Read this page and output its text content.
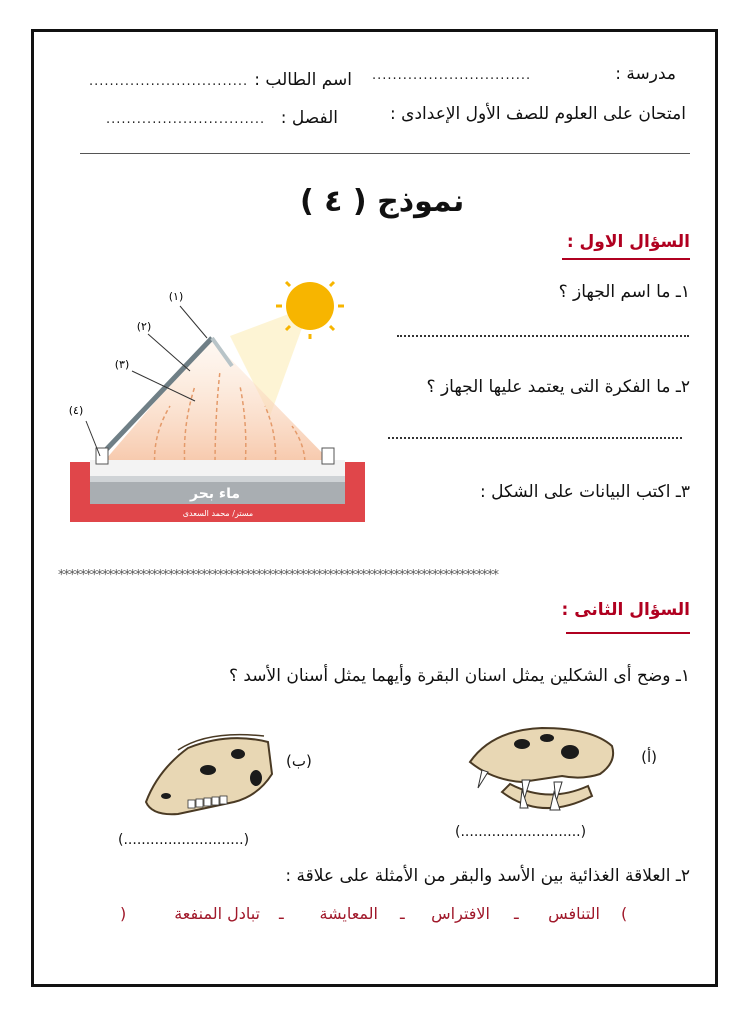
مدرسة :
...............................
اسم الطالب :
...............................
امتحان على العلوم للصف الأول الإعدادى :
الفصل :
...............................
نموذج ( ٤ )
السؤال الاول :
١ـ ما اسم الجهاز ؟
٢ـ ما الفكرة التى يعتمد عليها الجهاز ؟
٣ـ اكتب البيانات على الشكل :
ماء بحر
مستر/ محمد السعدى
(١)
(٢)
(٣)
(٤)
********************************************************************************
السؤال الثانى :
١ـ وضح أى الشكلين يمثل اسنان البقرة وأيهما يمثل أسنان الأسد ؟
(أ)
(...........................)
(ب)
(...........................)
٢ـ العلاقة الغذائية بين الأسد والبقر من الأمثلة على علاقة :
(
التنافس
ـ
الافتراس
ـ
المعايشة
ـ
تبادل المنفعة
)
